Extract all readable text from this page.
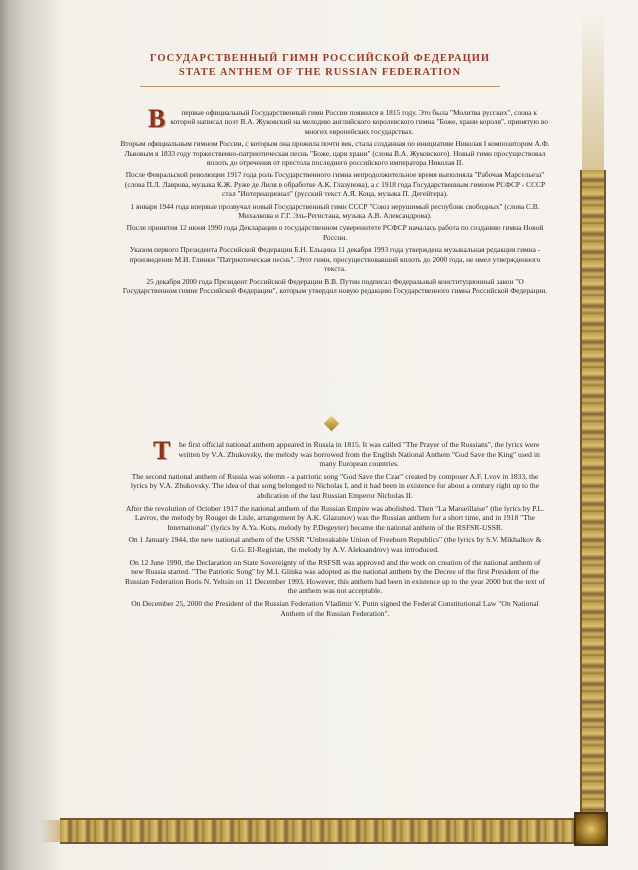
ГОСУДАРСТВЕННЫЙ ГИМН РОССИЙСКОЙ ФЕДЕРАЦИИ

STATE ANTHEM OF THE RUSSIAN FEDERATION

В первые официальный Государственный гимн России появился в 1815 году. Это была "Молитва русских", слова к которой написал поэт В.А. Жуковский на мелодию английского королевского гимна "Боже, храни короля", принятую во многих европейских государствах.

Вторым официальным гимном России, с которым она прожила почти век, стала созданная по инициативе Николая I композитором А.Ф. Львовым в 1833 году торжественно-патриотическая песнь "Боже, царя храни" (слова В.А. Жуковского). Новый гимн просуществовал вплоть до отречения от престола последнего российского императора Николая II.

После Февральской революции 1917 года роль Государственного гимна непродолжительное время выполняла "Рабочая Марсельеза" (слова П.Л. Лаврова, музыка К.Ж. Руже де Лиля в обработке А.К. Глазунова), а с 1918 года Государственным гимном РСФСР - СССР стал "Интернационал" (русский текст А.Я. Коца, музыка П. Дегейтера).

1 января 1944 года впервые прозвучал новый Государственный гимн СССР "Союз нерушимый республик свободных" (слова С.В. Михалкова и Г.Г. Эль-Регистана, музыка А.В. Александрова).

После принятия 12 июня 1990 года Декларации о государственном суверенитете РСФСР началась работа по созданию гимна Новой России.

Указом первого Президента Российской Федерации Б.Н. Ельцина 11 декабря 1993 года утверждена музыкальная редакция гимна - произведение М.И. Глинки "Патриотическая песнь". Этот гимн, просуществовавший вплоть до 2000 года, не имел утвержденного текста.

25 декабря 2000 года Президент Российской Федерации В.В. Путин подписал Федеральный конституционный закон "О Государственном гимне Российской Федерации", которым утвердил новую редакцию Государственного гимна Российской Федерации.

T he first official national anthem appeared in Russia in 1815. It was called "The Prayer of the Russians", the lyrics were written by V.A. Zhukovsky, the melody was borrowed from the English National Anthem "God Save the King" used in many European countries.

The second national anthem of Russia was solemn - a patriotic song "God Save the Czar" created by composer A.F. Lvov in 1833, the lyrics by V.A. Zhukovsky. The idea of that song belonged to Nicholas I, and it had been in existence for about a century right up to the abdication of the last Russian Emperor Nicholas II.

After the revolution of October 1917 the national anthem of the Russian Empire was abolished. Then "La Marseillaise" (the lyrics by P.L. Lavrov, the melody by Rouget de Lisle, arrangement by A.K. Glazunov) was the Russian anthem for a short time, and in 1918 "The International" (lyrics by A.Ya. Kots, melody by P.Degeyter) became the national anthem of the RSFSR-USSR.

On 1 January 1944, the new national anthem of the USSR "Unbreakable Union of Freeborn Republics" (the lyrics by S.V. Mikhalkov & G.G. El-Registan, the melody by A.V. Aleksandrov) was introduced.

On 12 June 1990, the Declaration on State Sovereignty of the RSFSR was approved and the work on creation of the national anthem of new Russia started. "The Patriotic Song" by M.I. Glinka was adopted as the national anthem by the Decree of the first President of the Russian Federation Boris N. Yeltsin on 11 December 1993. However, this anthem had been in existence up to the year 2000 but the text of the anthem was not acceptable.

On December 25, 2000 the President of the Russian Federation Vladimir V. Putin signed the Federal Constitutional Law "On National Anthem of the Russian Federation".
